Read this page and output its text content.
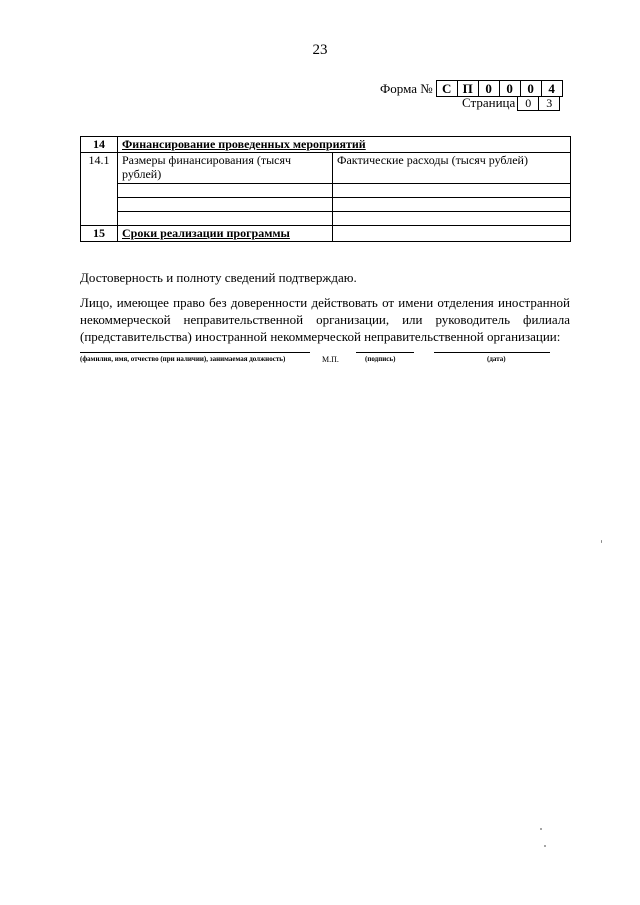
23
Форма № С П 0	0	0	4
Страница 0	3
14	Финансирование проведенных мероприятий	
14.1	Размеры финансирования (тысяч рублей)	Фактические расходы (тысяч рублей)

15	Сроки реализации программы	
Достоверность и полноту сведений подтверждаю.
Лицо, имеющее право без доверенности действовать от имени отделения иностранной некоммерческой неправительственной организации, или руководитель филиала (представительства) иностранной некоммерческой неправительственной организации:
(фамилия, имя, отчество (при наличии), занимаемая должность)	М.П.	(подпись)	(дата)
